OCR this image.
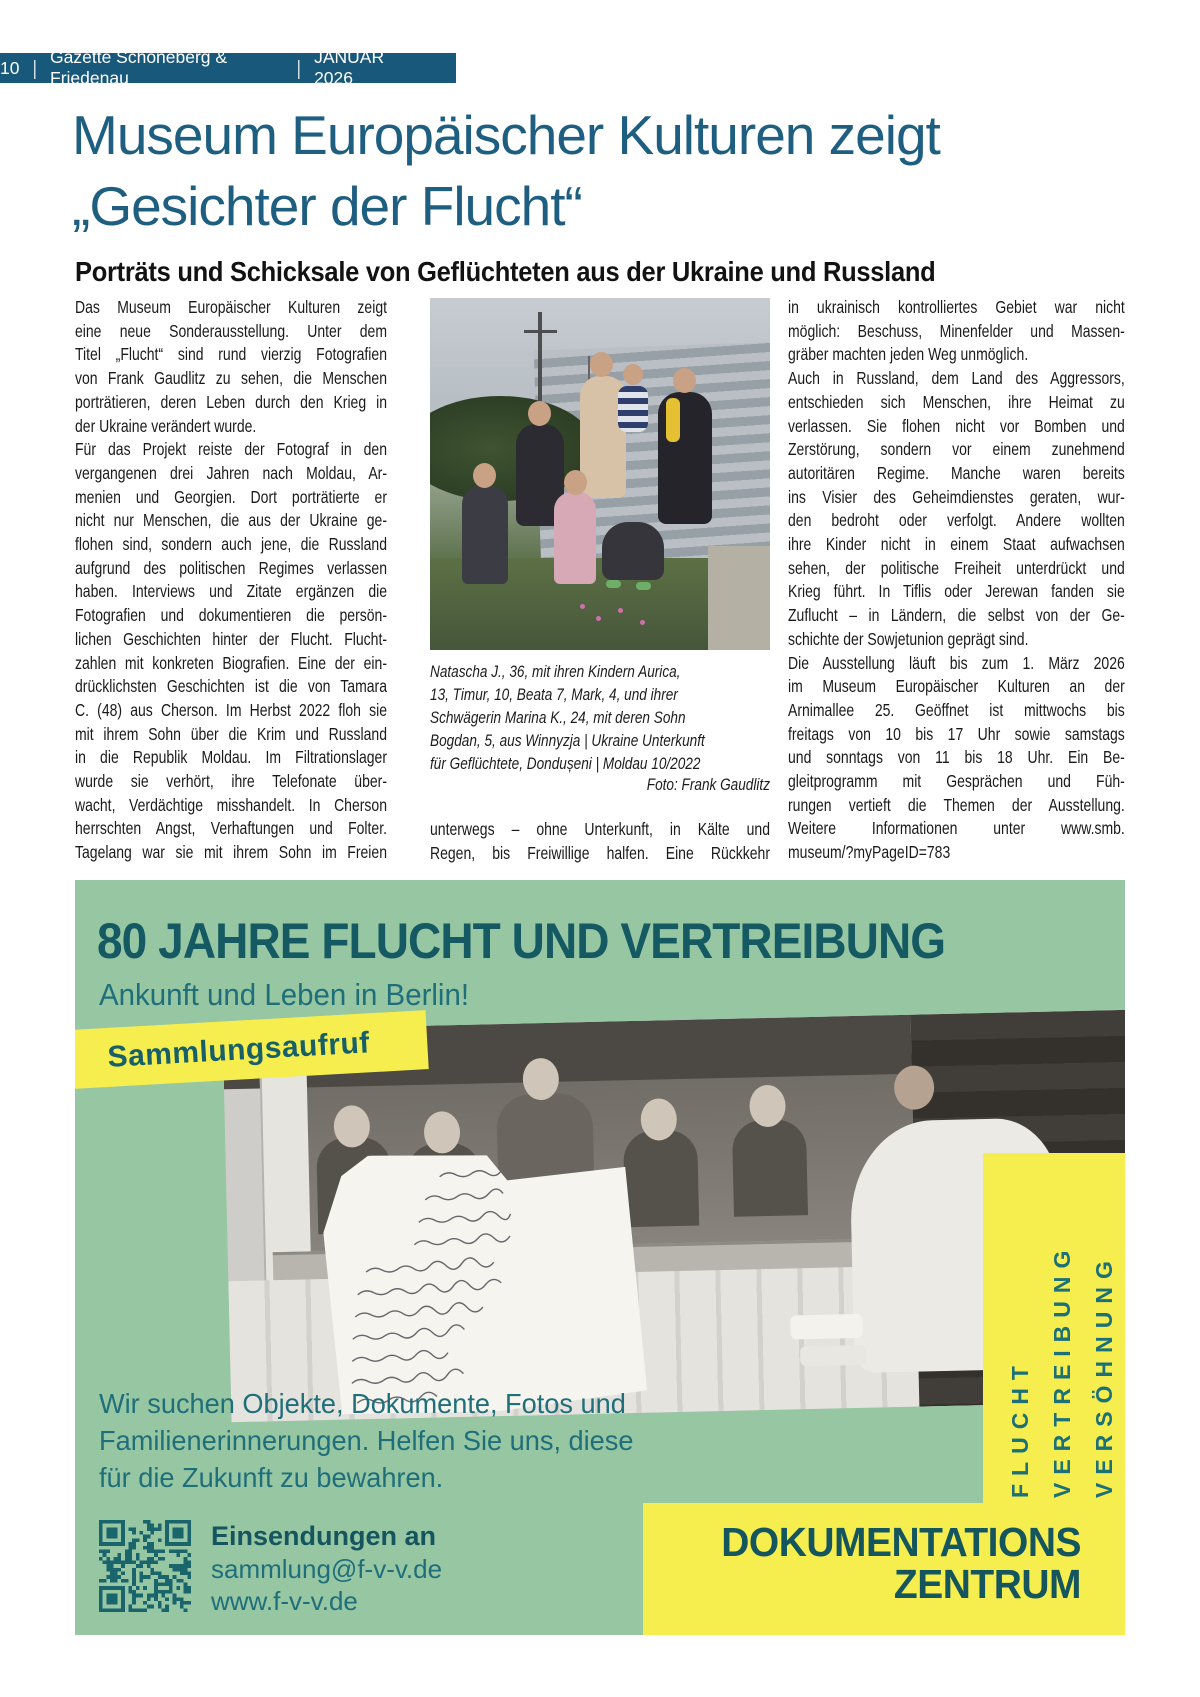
10 | Gazette Schöneberg & Friedenau	| JANUAR 2026
Museum Europäischer Kulturen zeigt
„Gesichter der Flucht“
Porträts und Schicksale von Geflüchteten aus der Ukraine und Russland
Das Museum Europäischer Kulturen zeigt
eine neue Sonderausstellung. Unter dem
Titel „Flucht“ sind rund vierzig Fotografien
von Frank Gaudlitz zu sehen, die Menschen
porträtieren, deren Leben durch den Krieg in
der Ukraine verändert wurde.
Für das Projekt reiste der Fotograf in den
vergangenen drei Jahren nach Moldau, Ar-
menien und Georgien. Dort porträtierte er
nicht nur Menschen, die aus der Ukraine ge-
flohen sind, sondern auch jene, die Russland
aufgrund des politischen Regimes verlassen
haben. Interviews und Zitate ergänzen die
Fotografien und dokumentieren die persön-
lichen Geschichten hinter der Flucht. Flucht-
zahlen mit konkreten Biografien. Eine der ein-
drücklichsten Geschichten ist die von Tamara
C. (48) aus Cherson. Im Herbst 2022 floh sie
mit ihrem Sohn über die Krim und Russland
in die Republik Moldau. Im Filtrationslager
wurde sie verhört, ihre Telefonate über-
wacht, Verdächtige misshandelt. In Cherson
herrschten Angst, Verhaftungen und Folter.
Tagelang war sie mit ihrem Sohn im Freien
Natascha J., 36, mit ihren Kindern Aurica,
13, Timur, 10, Beata 7, Mark, 4, und ihrer
Schwägerin Marina K., 24, mit deren Sohn
Bogdan, 5, aus Winnyzja | Ukraine Unterkunft
für Geflüchtete, Dondușeni | Moldau 10/2022
Foto: Frank Gaudlitz
unterwegs – ohne Unterkunft, in Kälte und
Regen, bis Freiwillige halfen. Eine Rückkehr
in ukrainisch kontrolliertes Gebiet war nicht
möglich: Beschuss, Minenfelder und Massen-
gräber machten jeden Weg unmöglich.
Auch in Russland, dem Land des Aggressors,
entschieden sich Menschen, ihre Heimat zu
verlassen. Sie flohen nicht vor Bomben und
Zerstörung, sondern vor einem zunehmend
autoritären Regime. Manche waren bereits
ins Visier des Geheimdienstes geraten, wur-
den bedroht oder verfolgt. Andere wollten
ihre Kinder nicht in einem Staat aufwachsen
sehen, der politische Freiheit unterdrückt und
Krieg führt. In Tiflis oder Jerewan fanden sie
Zuflucht – in Ländern, die selbst von der Ge-
schichte der Sowjetunion geprägt sind.
Die Ausstellung läuft bis zum 1. März 2026
im Museum Europäischer Kulturen an der
Arnimallee 25. Geöffnet ist mittwochs bis
freitags von 10 bis 17 Uhr sowie samstags
und sonntags von 11 bis 18 Uhr. Ein Be-
gleitprogramm mit Gesprächen und Füh-
rungen vertieft die Themen der Ausstellung.
Weitere Informationen unter www.smb.
museum/?myPageID=783
80 JAHRE FLUCHT UND VERTREIBUNG
Ankunft und Leben in Berlin!
Sammlungsaufruf
FLUCHT VERTREIBUNG VERSÖHNUNG
DOKUMENTATIONS
ZENTRUM
Wir suchen Objekte, Dokumente, Fotos und
Familienerinnerungen. Helfen Sie uns, diese
für die Zukunft zu bewahren.
Einsendungen an
sammlung@f-v-v.de
www.f-v-v.de
